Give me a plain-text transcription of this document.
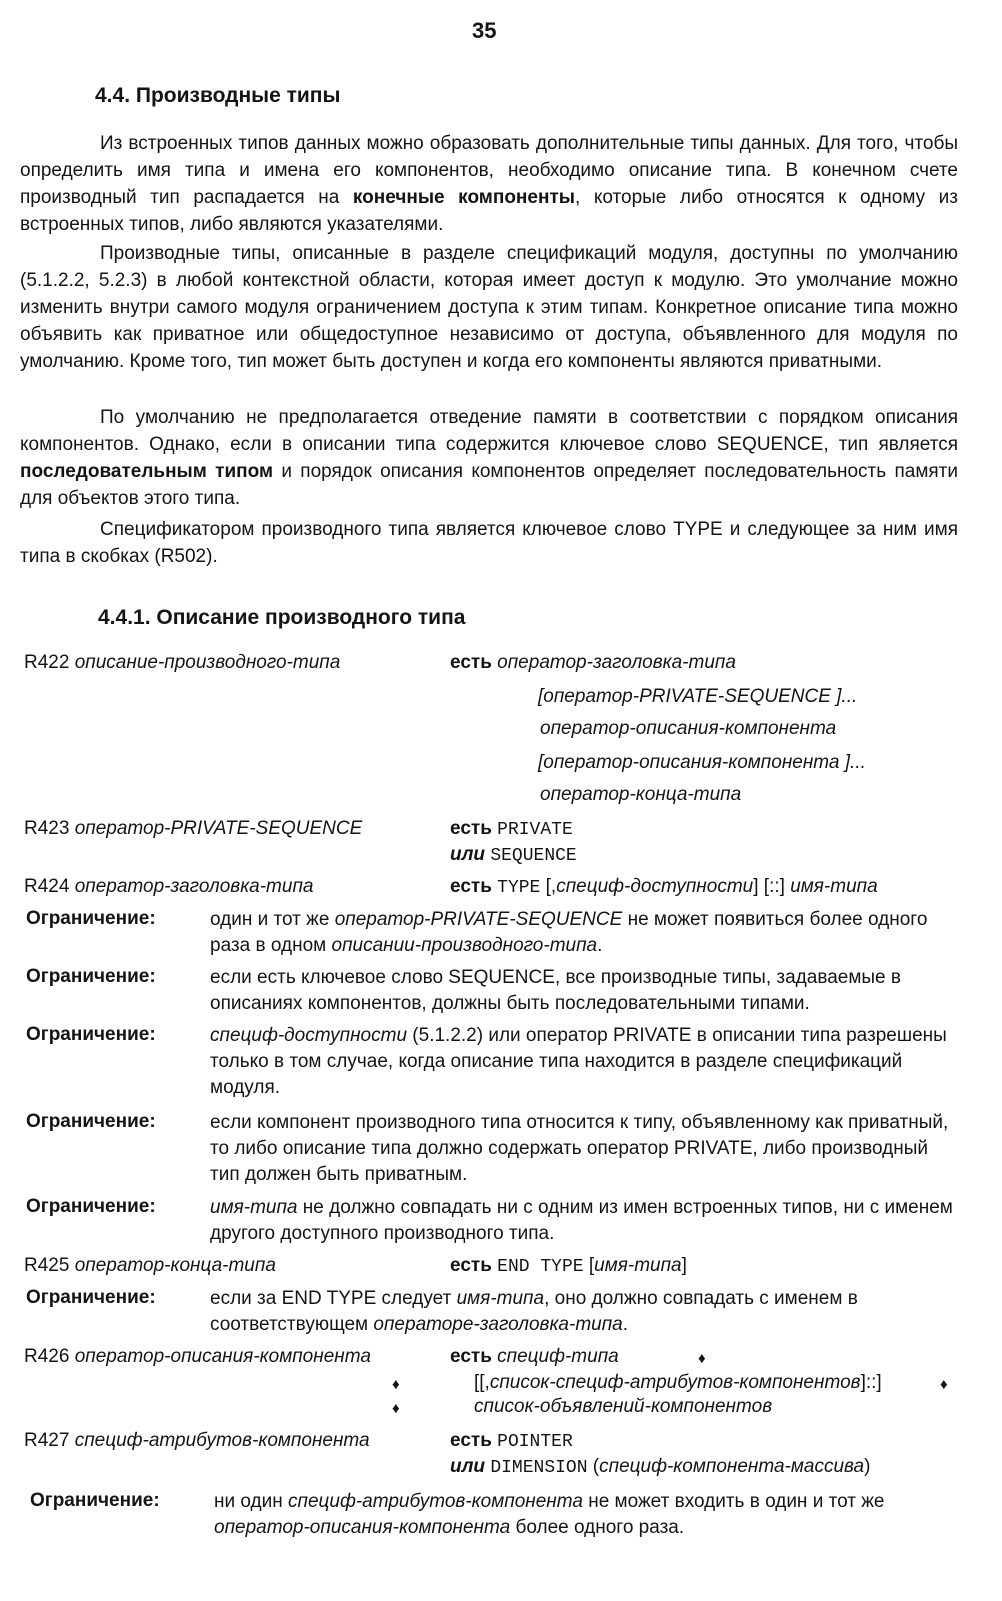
35
4.4. Производные типы

Из встроенных типов данных можно образовать дополнительные типы данных. Для того, чтобы определить имя типа и имена его компонентов, необходимо описание типа. В конечном счете производный тип распадается на конечные компоненты, которые либо относятся к одному из встроенных типов, либо являются указателями.

Производные типы, описанные в разделе спецификаций модуля, доступны по умолчанию (5.1.2.2, 5.2.3) в любой контекстной области, которая имеет доступ к модулю. Это умолчание можно изменить внутри самого модуля ограничением доступа к этим типам. Конкретное описание типа можно объявить как приватное или общедоступное независимо от доступа, объявленного для модуля по умолчанию. Кроме того, тип может быть доступен и когда его компоненты являются приватными.

По умолчанию не предполагается отведение памяти в соответствии с порядком описания компонентов. Однако, если в описании типа содержится ключевое слово SEQUENCE, тип является последовательным типом и порядок описания компонентов определяет последовательность памяти для объектов этого типа.

Спецификатором производного типа является ключевое слово TYPE и следующее за ним имя типа в скобках (R502).

4.4.1. Описание производного типа
R422 описание-производного-типа	есть оператор-заголовка-типа
[оператор-PRIVATE-SEQUENCE ]...
оператор-описания-компонента
[оператор-описания-компонента ]...
оператор-конца-типа
R423 оператор-PRIVATE-SEQUENCE	есть PRIVATE
или SEQUENCE
R424 оператор-заголовка-типа	есть TYPE [,специф-доступности] [::] имя-типа
Ограничение:	один и тот же оператор-PRIVATE-SEQUENCE не может появиться более одного раза в одном описании-производного-типа.

Ограничение:	если есть ключевое слово SEQUENCE, все производные типы, задаваемые в описаниях компонентов, должны быть последовательными типами.

Ограничение:	специф-доступности (5.1.2.2) или оператор PRIVATE в описании типа разрешены только в том случае, когда описание типа находится в разделе спецификаций модуля.

Ограничение:	если компонент производного типа относится к типу, объявленному как приватный, то либо описание типа должно содержать оператор PRIVATE, либо производный тип должен быть приватным.

Ограничение:	имя-типа не должно совпадать ни с одним из имен встроенных типов, ни с именем другого доступного производного типа.

R425 оператор-конца-типа	есть END TYPE [имя-типа]
Ограничение:	если за END TYPE следует имя-типа, оно должно совпадать с именем в соответствующем операторе-заголовка-типа.

R426 оператор-описания-компонента	есть специф-типа	♦
♦	[[,список-специф-атрибутов-компонентов]::]	♦
♦	список-объявлений-компонентов
R427 специф-атрибутов-компонента	есть POINTER
или DIMENSION (специф-компонента-массива)
Ограничение:	ни один специф-атрибутов-компонента не может входить в один и тот же оператор-описания-компонента более одного раза.
